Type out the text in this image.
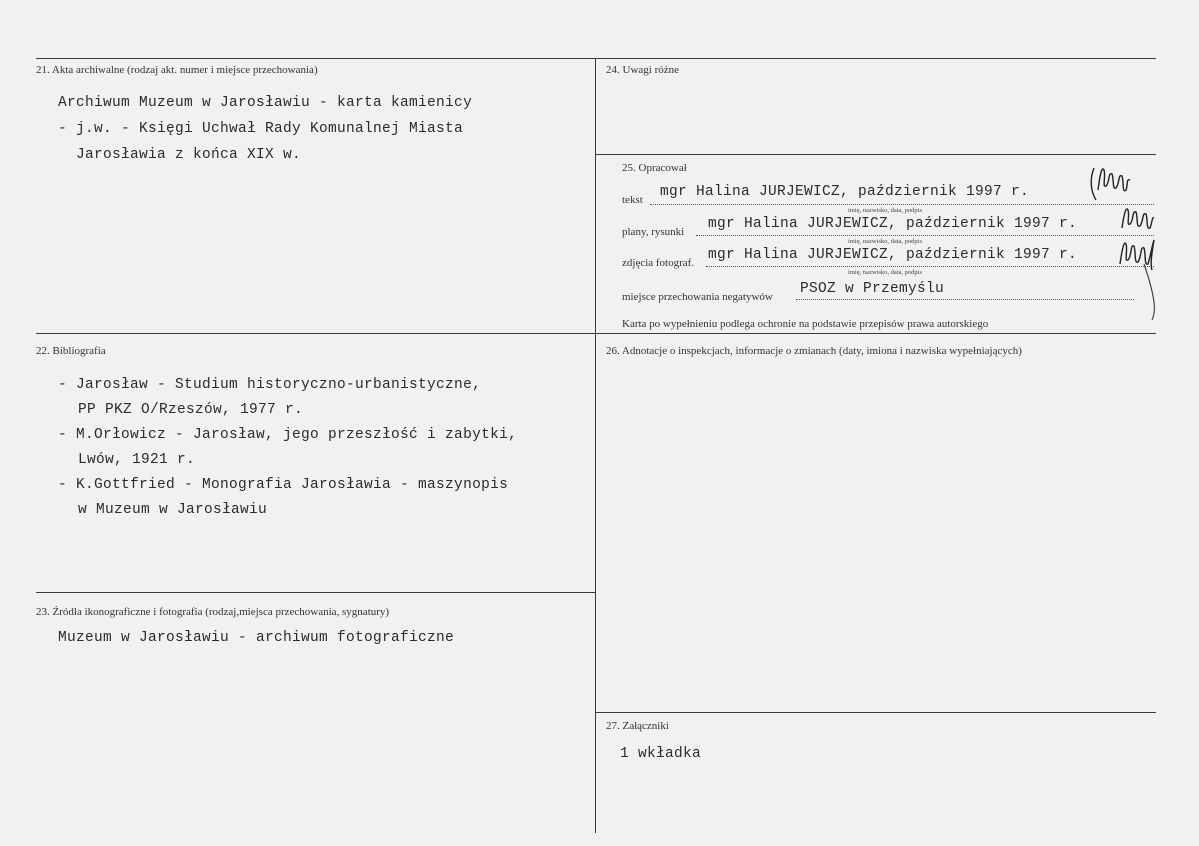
21. Akta archiwalne (rodzaj akt. numer i miejsce przechowania)
Archiwum Muzeum w Jarosławiu - karta kamienicy
- j.w. - Księgi Uchwał Rady Komunalnej Miasta
Jarosławia z końca XIX w.
24. Uwagi różne
25. Opracował
tekst mgr Halina JURJEWICZ, październik 1997 r.
imię, nazwisko, data, podpis
plany, rysunki mgr Halina JURJEWICZ, październik 1997 r.
imię, nazwisko, data, podpis
zdjęcia fotograf. mgr Halina JURJEWICZ, październik 1997 r.
imię, nazwisko, data, podpis
miejsce przechowania negatywów PSOZ w Przemyślu
Karta po wypełnieniu podlega ochronie na podstawie przepisów prawa autorskiego
22. Bibliografia
- Jarosław - Studium historyczno-urbanistyczne,
PP PKZ O/Rzeszów, 1977 r.
- M.Orłowicz - Jarosław, jego przeszłość i zabytki,
Lwów, 1921 r.
- K.Gottfried - Monografia Jarosławia - maszynopis
w Muzeum w Jarosławiu
26. Adnotacje o inspekcjach, informacje o zmianach (daty, imiona i nazwiska wypełniających)
23. Źródła ikonograficzne i fotografia (rodzaj,miejsca przechowania, sygnatury)
Muzeum w Jarosławiu - archiwum fotograficzne
27. Załączniki
1 wkładka
